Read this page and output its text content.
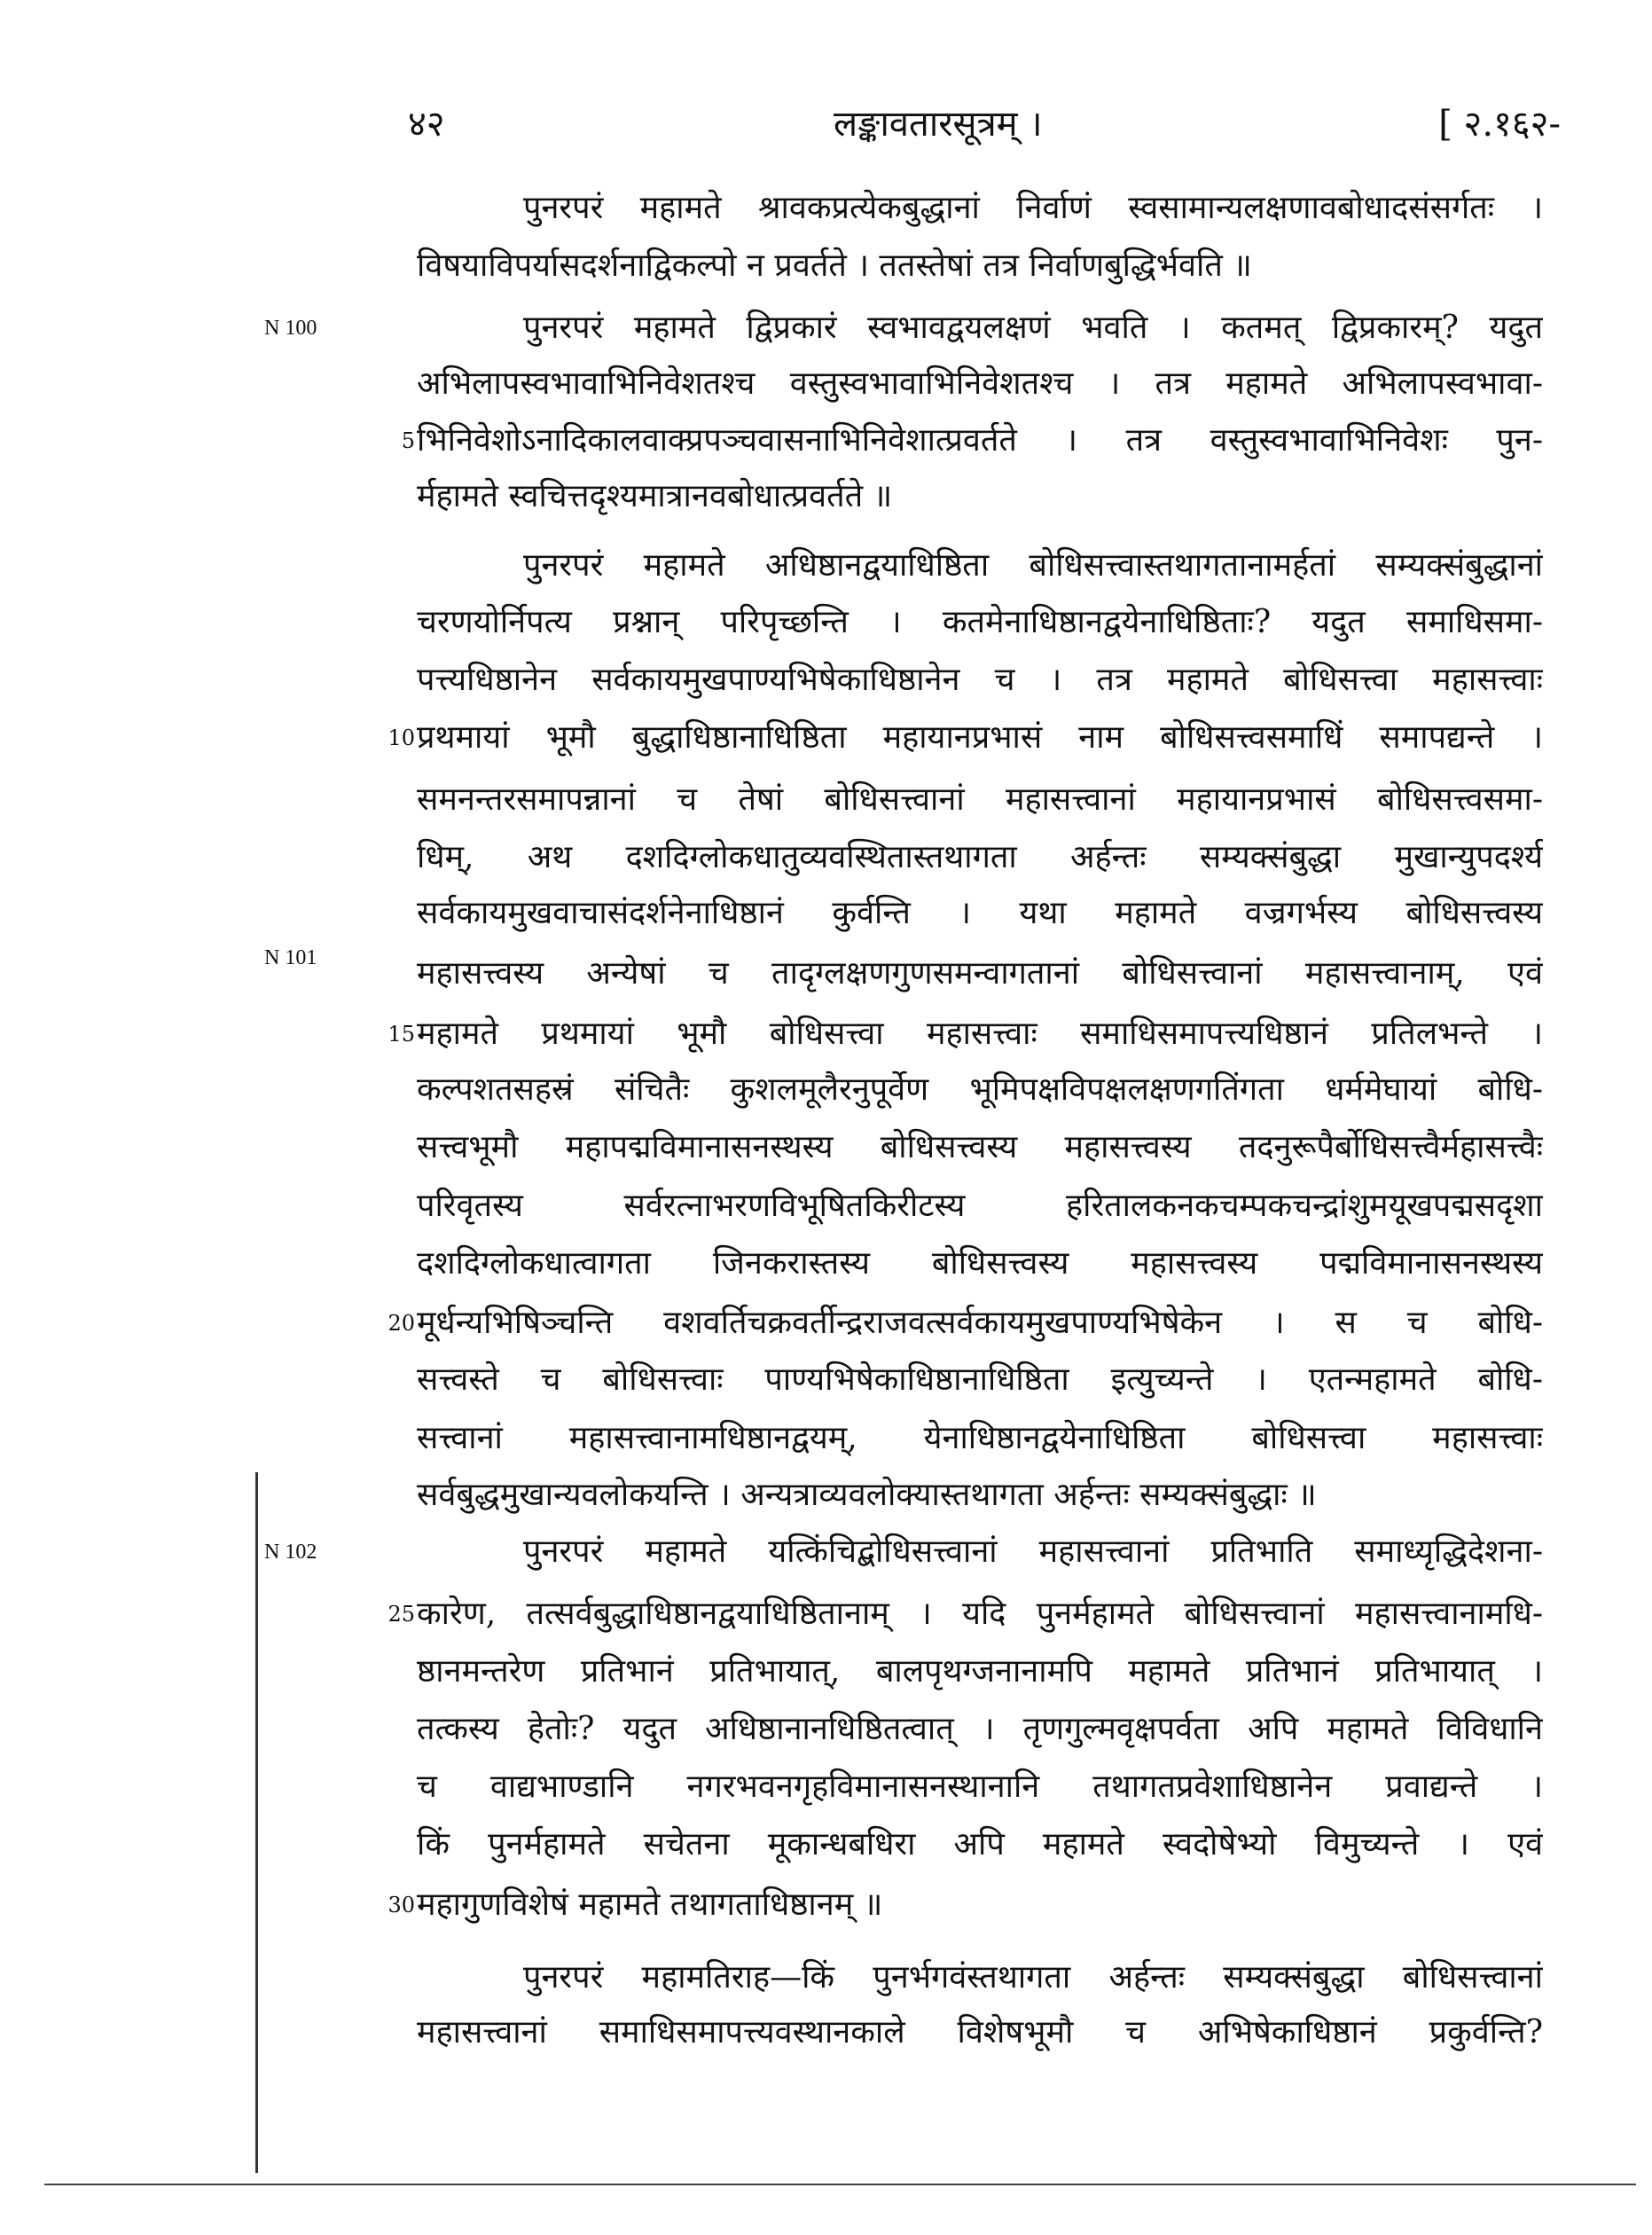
४२	लङ्कावतारसूत्रम् ।	[ २.१६२-
N 100
N 101
N 102
5
10
15
20
25
30
पुनरपरं महामते श्रावकप्रत्येकबुद्धानां निर्वाणं स्वसामान्यलक्षणावबोधादसंसर्गतः ।
विषयाविपर्यासदर्शनाद्विकल्पो न प्रवर्तते । ततस्तेषां तत्र निर्वाणबुद्धिर्भवति ॥
पुनरपरं महामते द्विप्रकारं स्वभावद्वयलक्षणं भवति । कतमत् द्विप्रकारम्? यदुत
अभिलापस्वभावाभिनिवेशतश्च वस्तुस्वभावाभिनिवेशतश्च । तत्र महामते अभिलापस्वभावा-
भिनिवेशोऽनादिकालवाक्प्रपञ्चवासनाभिनिवेशात्प्रवर्तते । तत्र वस्तुस्वभावाभिनिवेशः पुन-
र्महामते स्वचित्तदृश्यमात्रानवबोधात्प्रवर्तते ॥
पुनरपरं महामते अधिष्ठानद्वयाधिष्ठिता बोधिसत्त्वास्तथागतानामर्हतां सम्यक्संबुद्धानां
चरणयोर्निपत्य प्रश्नान् परिपृच्छन्ति । कतमेनाधिष्ठानद्वयेनाधिष्ठिताः? यदुत समाधिसमा-
पत्त्यधिष्ठानेन सर्वकायमुखपाण्यभिषेकाधिष्ठानेन च । तत्र महामते बोधिसत्त्वा महासत्त्वाः
प्रथमायां भूमौ बुद्धाधिष्ठानाधिष्ठिता महायानप्रभासं नाम बोधिसत्त्वसमाधिं समापद्यन्ते ।
समनन्तरसमापन्नानां च तेषां बोधिसत्त्वानां महासत्त्वानां महायानप्रभासं बोधिसत्त्वसमा-
धिम्, अथ दशदिग्लोकधातुव्यवस्थितास्तथागता अर्हन्तः सम्यक्संबुद्धा मुखान्युपदर्श्य
सर्वकायमुखवाचासंदर्शनेनाधिष्ठानं कुर्वन्ति । यथा महामते वज्रगर्भस्य बोधिसत्त्वस्य
महासत्त्वस्य अन्येषां च तादृग्लक्षणगुणसमन्वागतानां बोधिसत्त्वानां महासत्त्वानाम्, एवं
महामते प्रथमायां भूमौ बोधिसत्त्वा महासत्त्वाः समाधिसमापत्त्यधिष्ठानं प्रतिलभन्ते ।
कल्पशतसहस्रं संचितैः कुशलमूलैरनुपूर्वेण भूमिपक्षविपक्षलक्षणगतिंगता धर्ममेघायां बोधि-
सत्त्वभूमौ महापद्मविमानासनस्थस्य बोधिसत्त्वस्य महासत्त्वस्य तदनुरूपैर्बोधिसत्त्वैर्महासत्त्वैः
परिवृतस्य सर्वरत्नाभरणविभूषितकिरीटस्य हरितालकनकचम्पकचन्द्रांशुमयूखपद्मसदृशा
दशदिग्लोकधात्वागता जिनकरास्तस्य बोधिसत्त्वस्य महासत्त्वस्य पद्मविमानासनस्थस्य
मूर्धन्यभिषिञ्चन्ति वशवर्तिचक्रवर्तीन्द्रराजवत्सर्वकायमुखपाण्यभिषेकेन । स च बोधि-
सत्त्वस्ते च बोधिसत्त्वाः पाण्यभिषेकाधिष्ठानाधिष्ठिता इत्युच्यन्ते । एतन्महामते बोधि-
सत्त्वानां महासत्त्वानामधिष्ठानद्वयम्, येनाधिष्ठानद्वयेनाधिष्ठिता बोधिसत्त्वा महासत्त्वाः
सर्वबुद्धमुखान्यवलोकयन्ति । अन्यत्राव्यवलोक्यास्तथागता अर्हन्तः सम्यक्संबुद्धाः ॥
पुनरपरं महामते यत्किंचिद्बोधिसत्त्वानां महासत्त्वानां प्रतिभाति समाध्यृद्धिदेशना-
कारेण, तत्सर्वबुद्धाधिष्ठानद्वयाधिष्ठितानाम् । यदि पुनर्महामते बोधिसत्त्वानां महासत्त्वानामधि-
ष्ठानमन्तरेण प्रतिभानं प्रतिभायात्, बालपृथग्जनानामपि महामते प्रतिभानं प्रतिभायात् ।
तत्कस्य हेतोः? यदुत अधिष्ठानानधिष्ठितत्वात् । तृणगुल्मवृक्षपर्वता अपि महामते विविधानि
च वाद्यभाण्डानि नगरभवनगृहविमानासनस्थानानि तथागतप्रवेशाधिष्ठानेन प्रवाद्यन्ते ।
किं पुनर्महामते सचेतना मूकान्धबधिरा अपि महामते स्वदोषेभ्यो विमुच्यन्ते । एवं
महागुणविशेषं महामते तथागताधिष्ठानम् ॥
पुनरपरं महामतिराह—किं पुनर्भगवंस्तथागता अर्हन्तः सम्यक्संबुद्धा बोधिसत्त्वानां
महासत्त्वानां समाधिसमापत्त्यवस्थानकाले विशेषभूमौ च अभिषेकाधिष्ठानं प्रकुर्वन्ति?
